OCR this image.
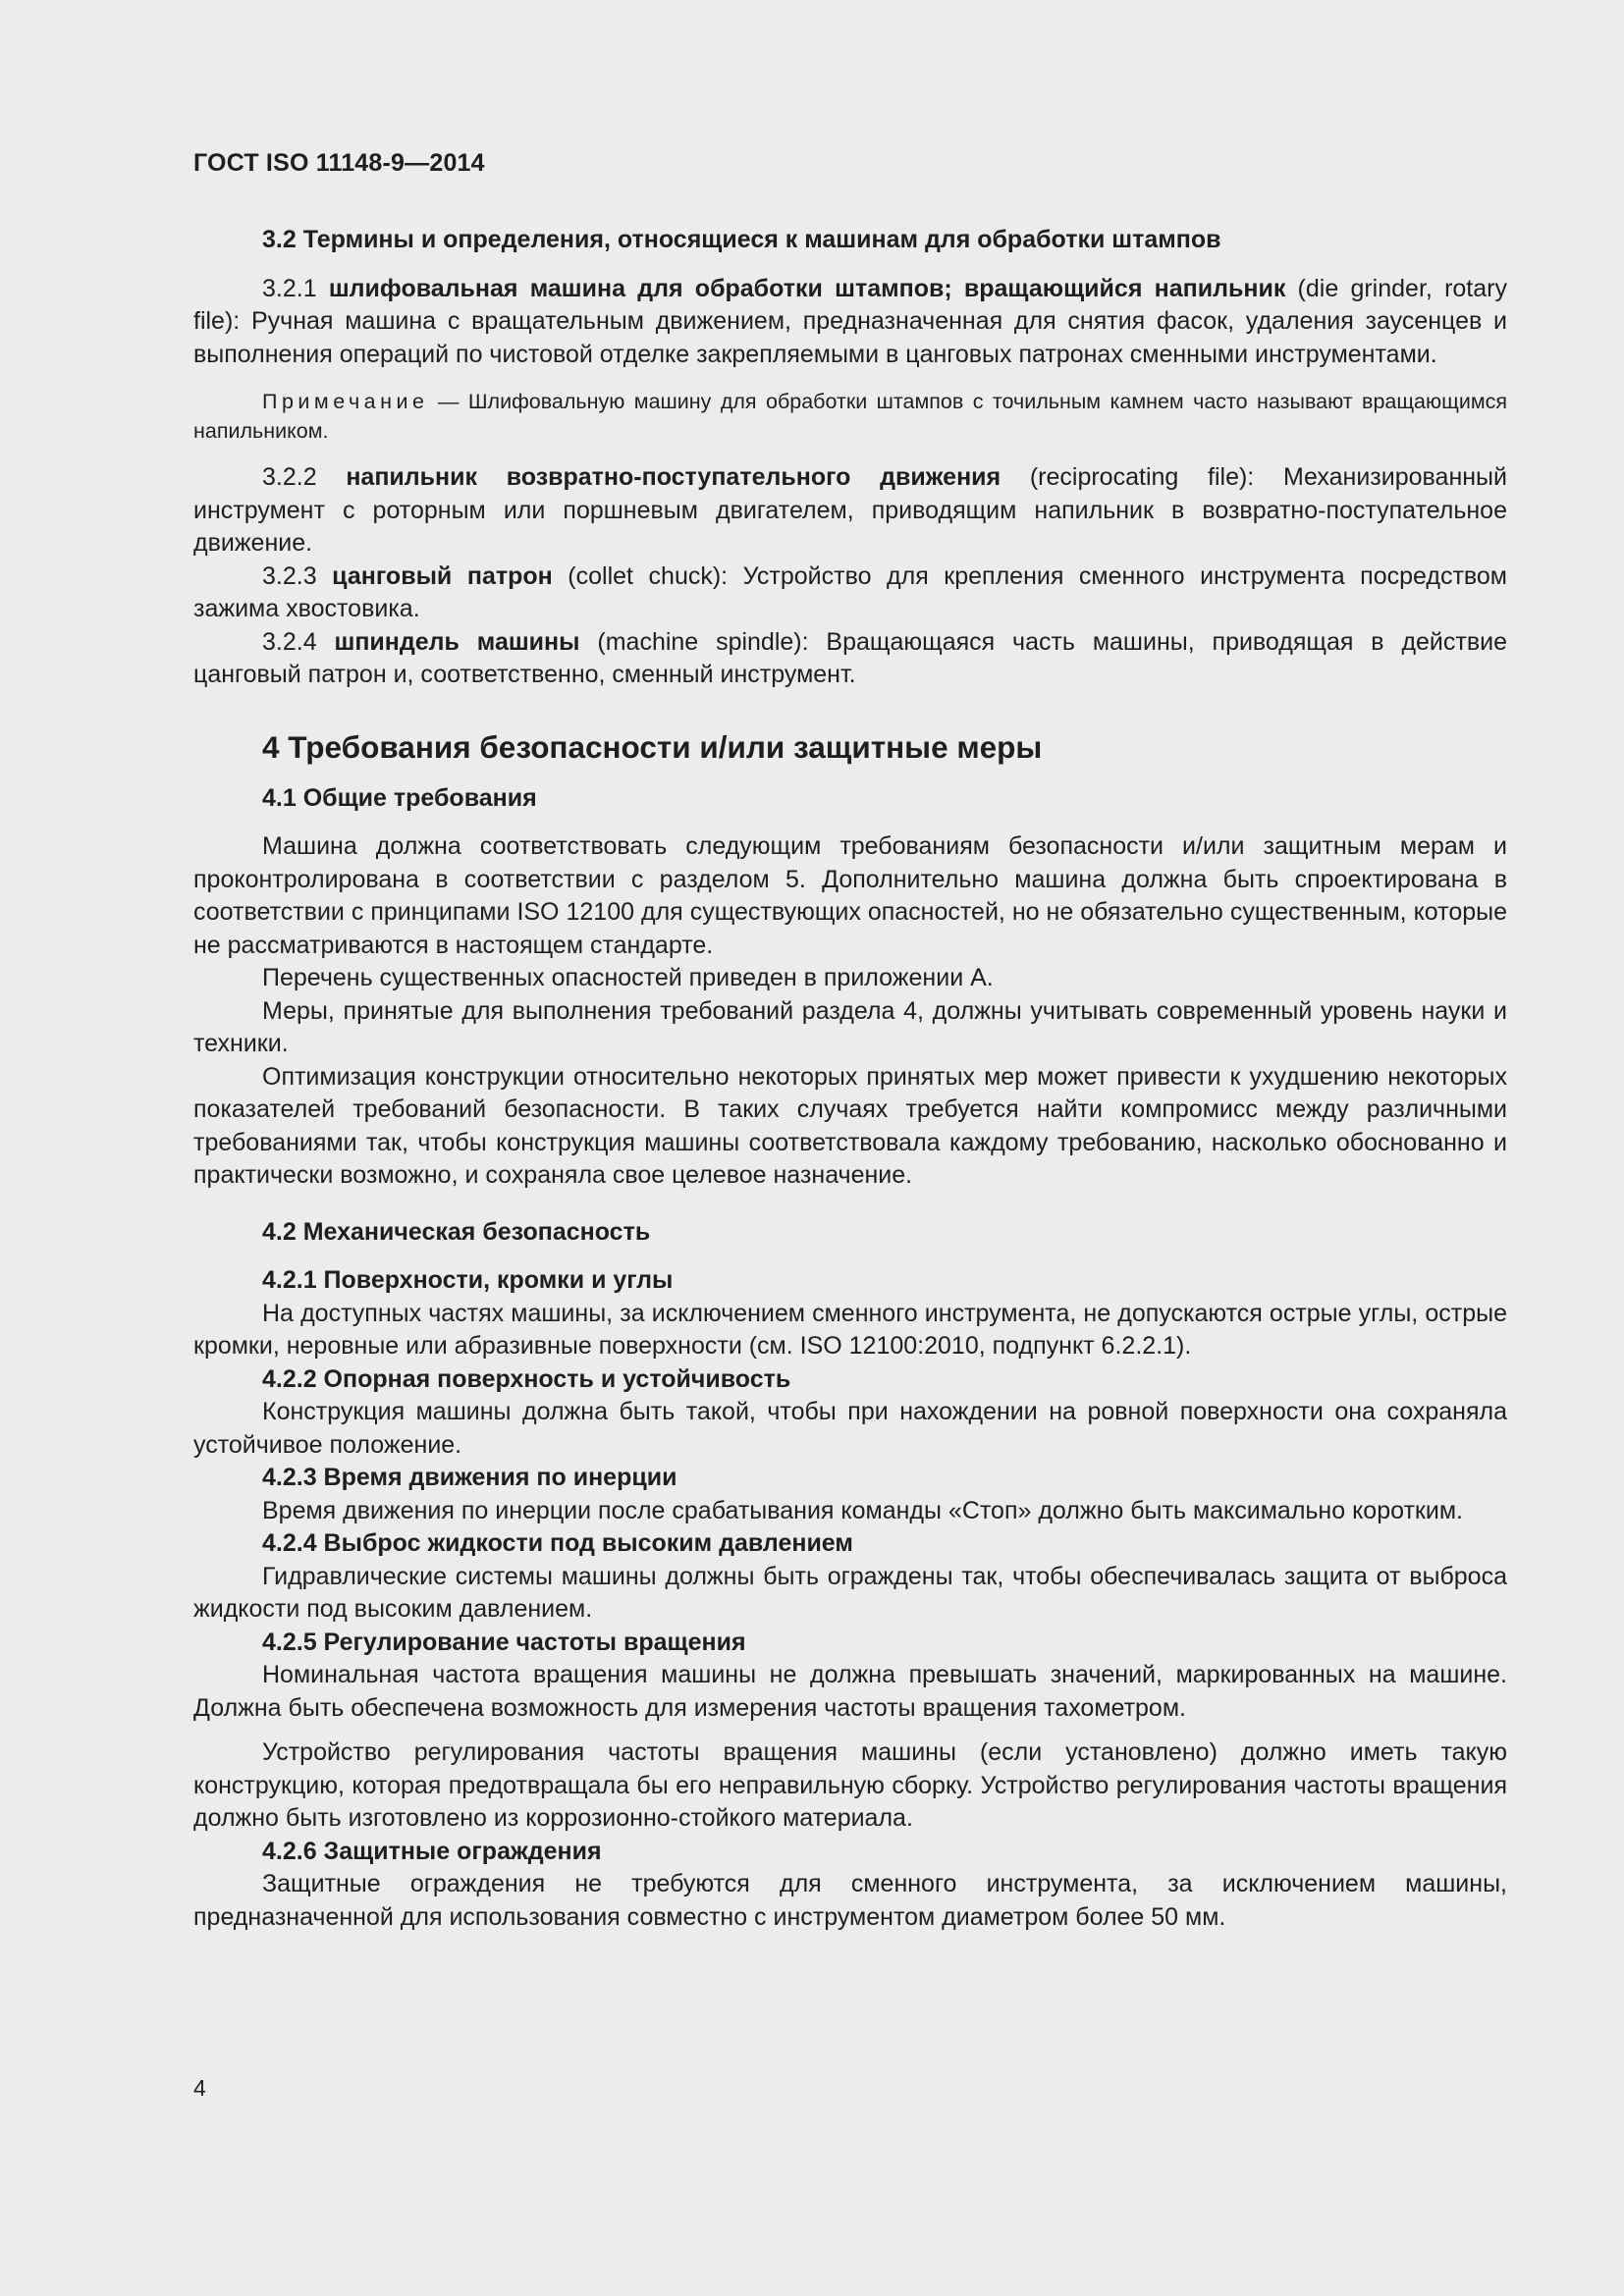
ГОСТ ISO 11148-9—2014
3.2 Термины и определения, относящиеся к машинам для обработки штампов

3.2.1 шлифовальная машина для обработки штампов; вращающийся напильник (die grinder, rotary file): Ручная машина с вращательным движением, предназначенная для снятия фасок, удаления заусенцев и выполнения операций по чистовой отделке закрепляемыми в цанговых патронах сменными инструментами.

Примечание — Шлифовальную машину для обработки штампов с точильным камнем часто называют вращающимся напильником.

3.2.2 напильник возвратно-поступательного движения (reciprocating file): Механизированный инструмент с роторным или поршневым двигателем, приводящим напильник в возвратно-поступательное движение.

3.2.3 цанговый патрон (collet chuck): Устройство для крепления сменного инструмента посредством зажима хвостовика.

3.2.4 шпиндель машины (machine spindle): Вращающаяся часть машины, приводящая в действие цанговый патрон и, соответственно, сменный инструмент.

4 Требования безопасности и/или защитные меры
4.1 Общие требования

Машина должна соответствовать следующим требованиям безопасности и/или защитным мерам и проконтролирована в соответствии с разделом 5. Дополнительно машина должна быть спроектирована в соответствии с принципами ISO 12100 для существующих опасностей, но не обязательно существенным, которые не рассматриваются в настоящем стандарте.

Перечень существенных опасностей приведен в приложении А.

Меры, принятые для выполнения требований раздела 4, должны учитывать современный уровень науки и техники.

Оптимизация конструкции относительно некоторых принятых мер может привести к ухудшению некоторых показателей требований безопасности. В таких случаях требуется найти компромисс между различными требованиями так, чтобы конструкция машины соответствовала каждому требованию, насколько обоснованно и практически возможно, и сохраняла свое целевое назначение.

4.2 Механическая безопасность
4.2.1 Поверхности, кромки и углы

На доступных частях машины, за исключением сменного инструмента, не допускаются острые углы, острые кромки, неровные или абразивные поверхности (см. ISO 12100:2010, подпункт 6.2.2.1).

4.2.2 Опорная поверхность и устойчивость

Конструкция машины должна быть такой, чтобы при нахождении на ровной поверхности она сохраняла устойчивое положение.

4.2.3 Время движения по инерции

Время движения по инерции после срабатывания команды «Стоп» должно быть максимально коротким.

4.2.4 Выброс жидкости под высоким давлением

Гидравлические системы машины должны быть ограждены так, чтобы обеспечивалась защита от выброса жидкости под высоким давлением.

4.2.5 Регулирование частоты вращения

Номинальная частота вращения машины не должна превышать значений, маркированных на машине. Должна быть обеспечена возможность для измерения частоты вращения тахометром.

Устройство регулирования частоты вращения машины (если установлено) должно иметь такую конструкцию, которая предотвращала бы его неправильную сборку. Устройство регулирования частоты вращения должно быть изготовлено из коррозионно-стойкого материала.

4.2.6 Защитные ограждения

Защитные ограждения не требуются для сменного инструмента, за исключением машины, предназначенной для использования совместно с инструментом диаметром более 50 мм.

4
